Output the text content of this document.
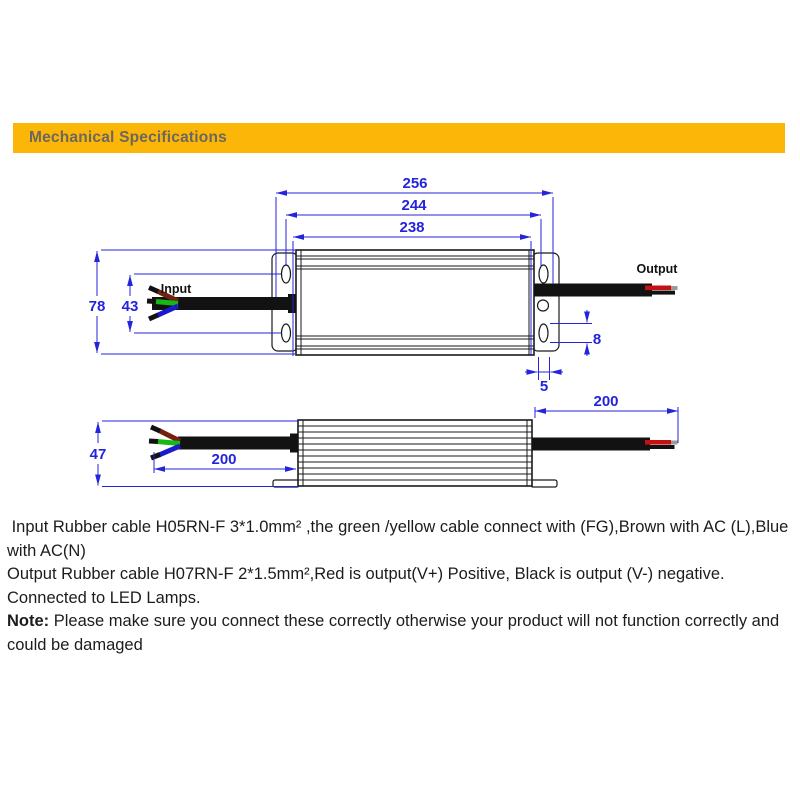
Mechanical Specifications
Input
Output
256
244
238
78 43
8
5
47	200
200

Input Rubber cable H05RN-F 3*1.0mm² ,the green /yellow cable connect with (FG),Brown with AC (L),Blue with AC(N)

Output Rubber cable H07RN-F 2*1.5mm²,Red is output(V+) Positive, Black is output (V-) negative. Connected to LED Lamps.

Note: Please make sure you connect these correctly otherwise your product will not function correctly and could be damaged
